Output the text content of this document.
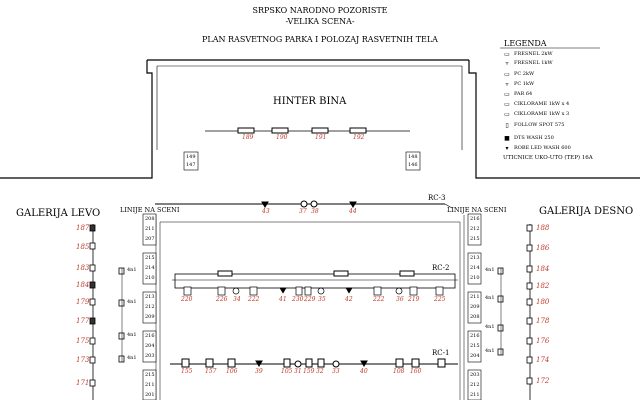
SRPSKO NARODNO POZORISTE
-VELIKA SCENA-
PLAN RASVETNOG PARKA I POLOZAJ RASVETNIH TELA	LEGENDA
▭ FRESNEL 2kW
▿	FRESNEL 1kW
▭ PC 2kW
▿	PC 1kW
▭ PAR 64
▭ CIKLORAME 1kW x 4
▭ CIKLORAME 1kW x 3
▯	FOLLOW SPOT 575
■ DTS WASH 250
▾	ROBE LED WASH 600
UTICNICE UKO-UTO (TEP) 16A
HINTER BINA
GALERIJA LEVO	GALERIJA DESNO
LINIJE NA SCENI	LINIJE NA SCENI
189	190	191	192
149
147
148
146
RC-3
RC-2
RC-1
43	37 38	44
220	226 34 222	41 230 229 35	42	222 36 219 225
155 157 106	39	105 31 159 32 33	40	108 160
208
211
207
215
214
210
213
212
209
216
204
203
215
211
201
216
212
215
213
214
210
211
209
208
216
215
204
203
212
211
187
185
183
184
179
177
175
173
171
188
186
184
182
180
178
176
174
172
4n1
4n1
4n1
4n1
4n1
4n1
4n1
4n1
